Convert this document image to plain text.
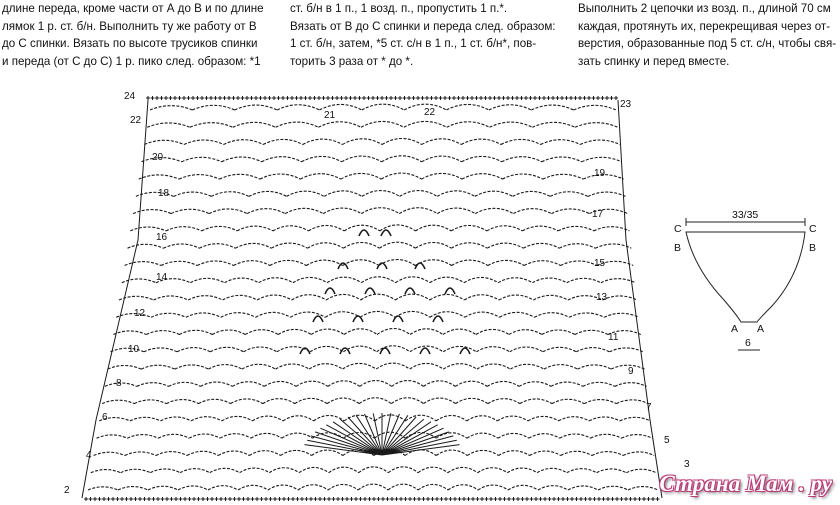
длине переда, кроме части от А до В и по длине
лямок 1 р. ст. б/н. Выполнить ту же работу от В
до С спинки. Вязать по высоте трусиков спинки
и переда (от С до С) 1 р. пико след. образом: *1
ст. б/н в 1 п., 1 возд. п., пропустить 1 п.*.
Вязать от В до С спинки и переда след. образом:
1 ст. б/н, затем, *5 ст. с/н в 1 п., 1 ст. б/н*, пов-
торить 3 раза от * до *.
Выполнить 2 цепочки из возд. п., длиной 70 см
каждая, протянуть их, перекрещивая через от-
верстия, образованные под 5 ст. с/н, чтобы свя-
зать спинку и перед вместе.
2
4
6
8
10
12
14
16
18
20
22
24
3
5
7
9
11
13
15
17
19
21	22
23
33/35
C	C
B	B
A A
6
Страна Мам . ру
